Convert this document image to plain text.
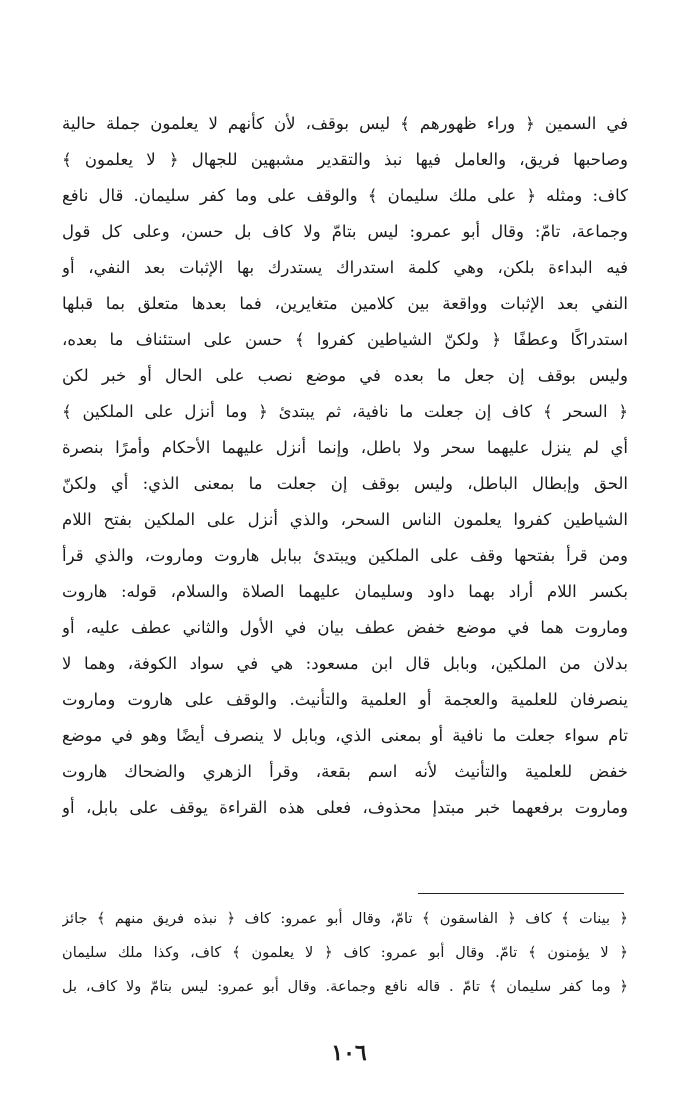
في السمين ﴿ وراء ظهورهم ﴾ ليس بوقف، لأن كأنهم لا يعلمون جملة حالية
وصاحبها فريق، والعامل فيها نبذ والتقدير مشبهين للجهال ﴿ لا يعلمون ﴾
كاف: ومثله ﴿ على ملك سليمان ﴾ والوقف على وما كفر سليمان. قال نافع
وجماعة، تامّ: وقال أبو عمرو: ليس بتامّ ولا كاف بل حسن، وعلى كل قول
فيه البداءة بلكن، وهي كلمة استدراك يستدرك بها الإثبات بعد النفي، أو
النفي بعد الإثبات وواقعة بين كلامين متغايرين، فما بعدها متعلق بما قبلها
استدراكًا وعطفًا ﴿ ولكنّ الشياطين كفروا ﴾ حسن على استئناف ما بعده،
وليس بوقف إن جعل ما بعده في موضع نصب على الحال أو خبر لكن
﴿ السحر ﴾ كاف إن جعلت ما نافية، ثم يبتدئ ﴿ وما أنزل على الملكين ﴾
أي لم ينزل عليهما سحر ولا باطل، وإنما أنزل عليهما الأحكام وأمرًا بنصرة
الحق وإبطال الباطل، وليس بوقف إن جعلت ما بمعنى الذي: أي ولكنّ
الشياطين كفروا يعلمون الناس السحر، والذي أنزل على الملكين بفتح اللام
ومن قرأ بفتحها وقف على الملكين ويبتدئ ببابل هاروت وماروت، والذي قرأ
بكسر اللام أراد بهما داود وسليمان عليهما الصلاة والسلام، قوله: هاروت
وماروت هما في موضع خفض عطف بيان في الأول والثاني عطف عليه، أو
بدلان من الملكين، وبابل قال ابن مسعود: هي في سواد الكوفة، وهما لا
ينصرفان للعلمية والعجمة أو العلمية والتأنيث. والوقف على هاروت وماروت
تام سواء جعلت ما نافية أو بمعنى الذي، وبابل لا ينصرف أيضًا وهو في موضع
خفض للعلمية والتأنيث لأنه اسم بقعة، وقرأ الزهري والضحاك هاروت
وماروت برفعهما خبر مبتدإ محذوف، فعلى هذه القراءة يوقف على بابل، أو
﴿ بينات ﴾ كاف ﴿ الفاسقون ﴾ تامّ، وقال أبو عمرو: كاف ﴿ نبذه فريق منهم ﴾ جائز
﴿ لا يؤمنون ﴾ تامّ. وقال أبو عمرو: كاف ﴿ لا يعلمون ﴾ كاف، وكذا ملك سليمان
﴿ وما كفر سليمان ﴾ تامّ . قاله نافع وجماعة. وقال أبو عمرو: ليس بتامّ ولا كاف، بل
١٠٦
